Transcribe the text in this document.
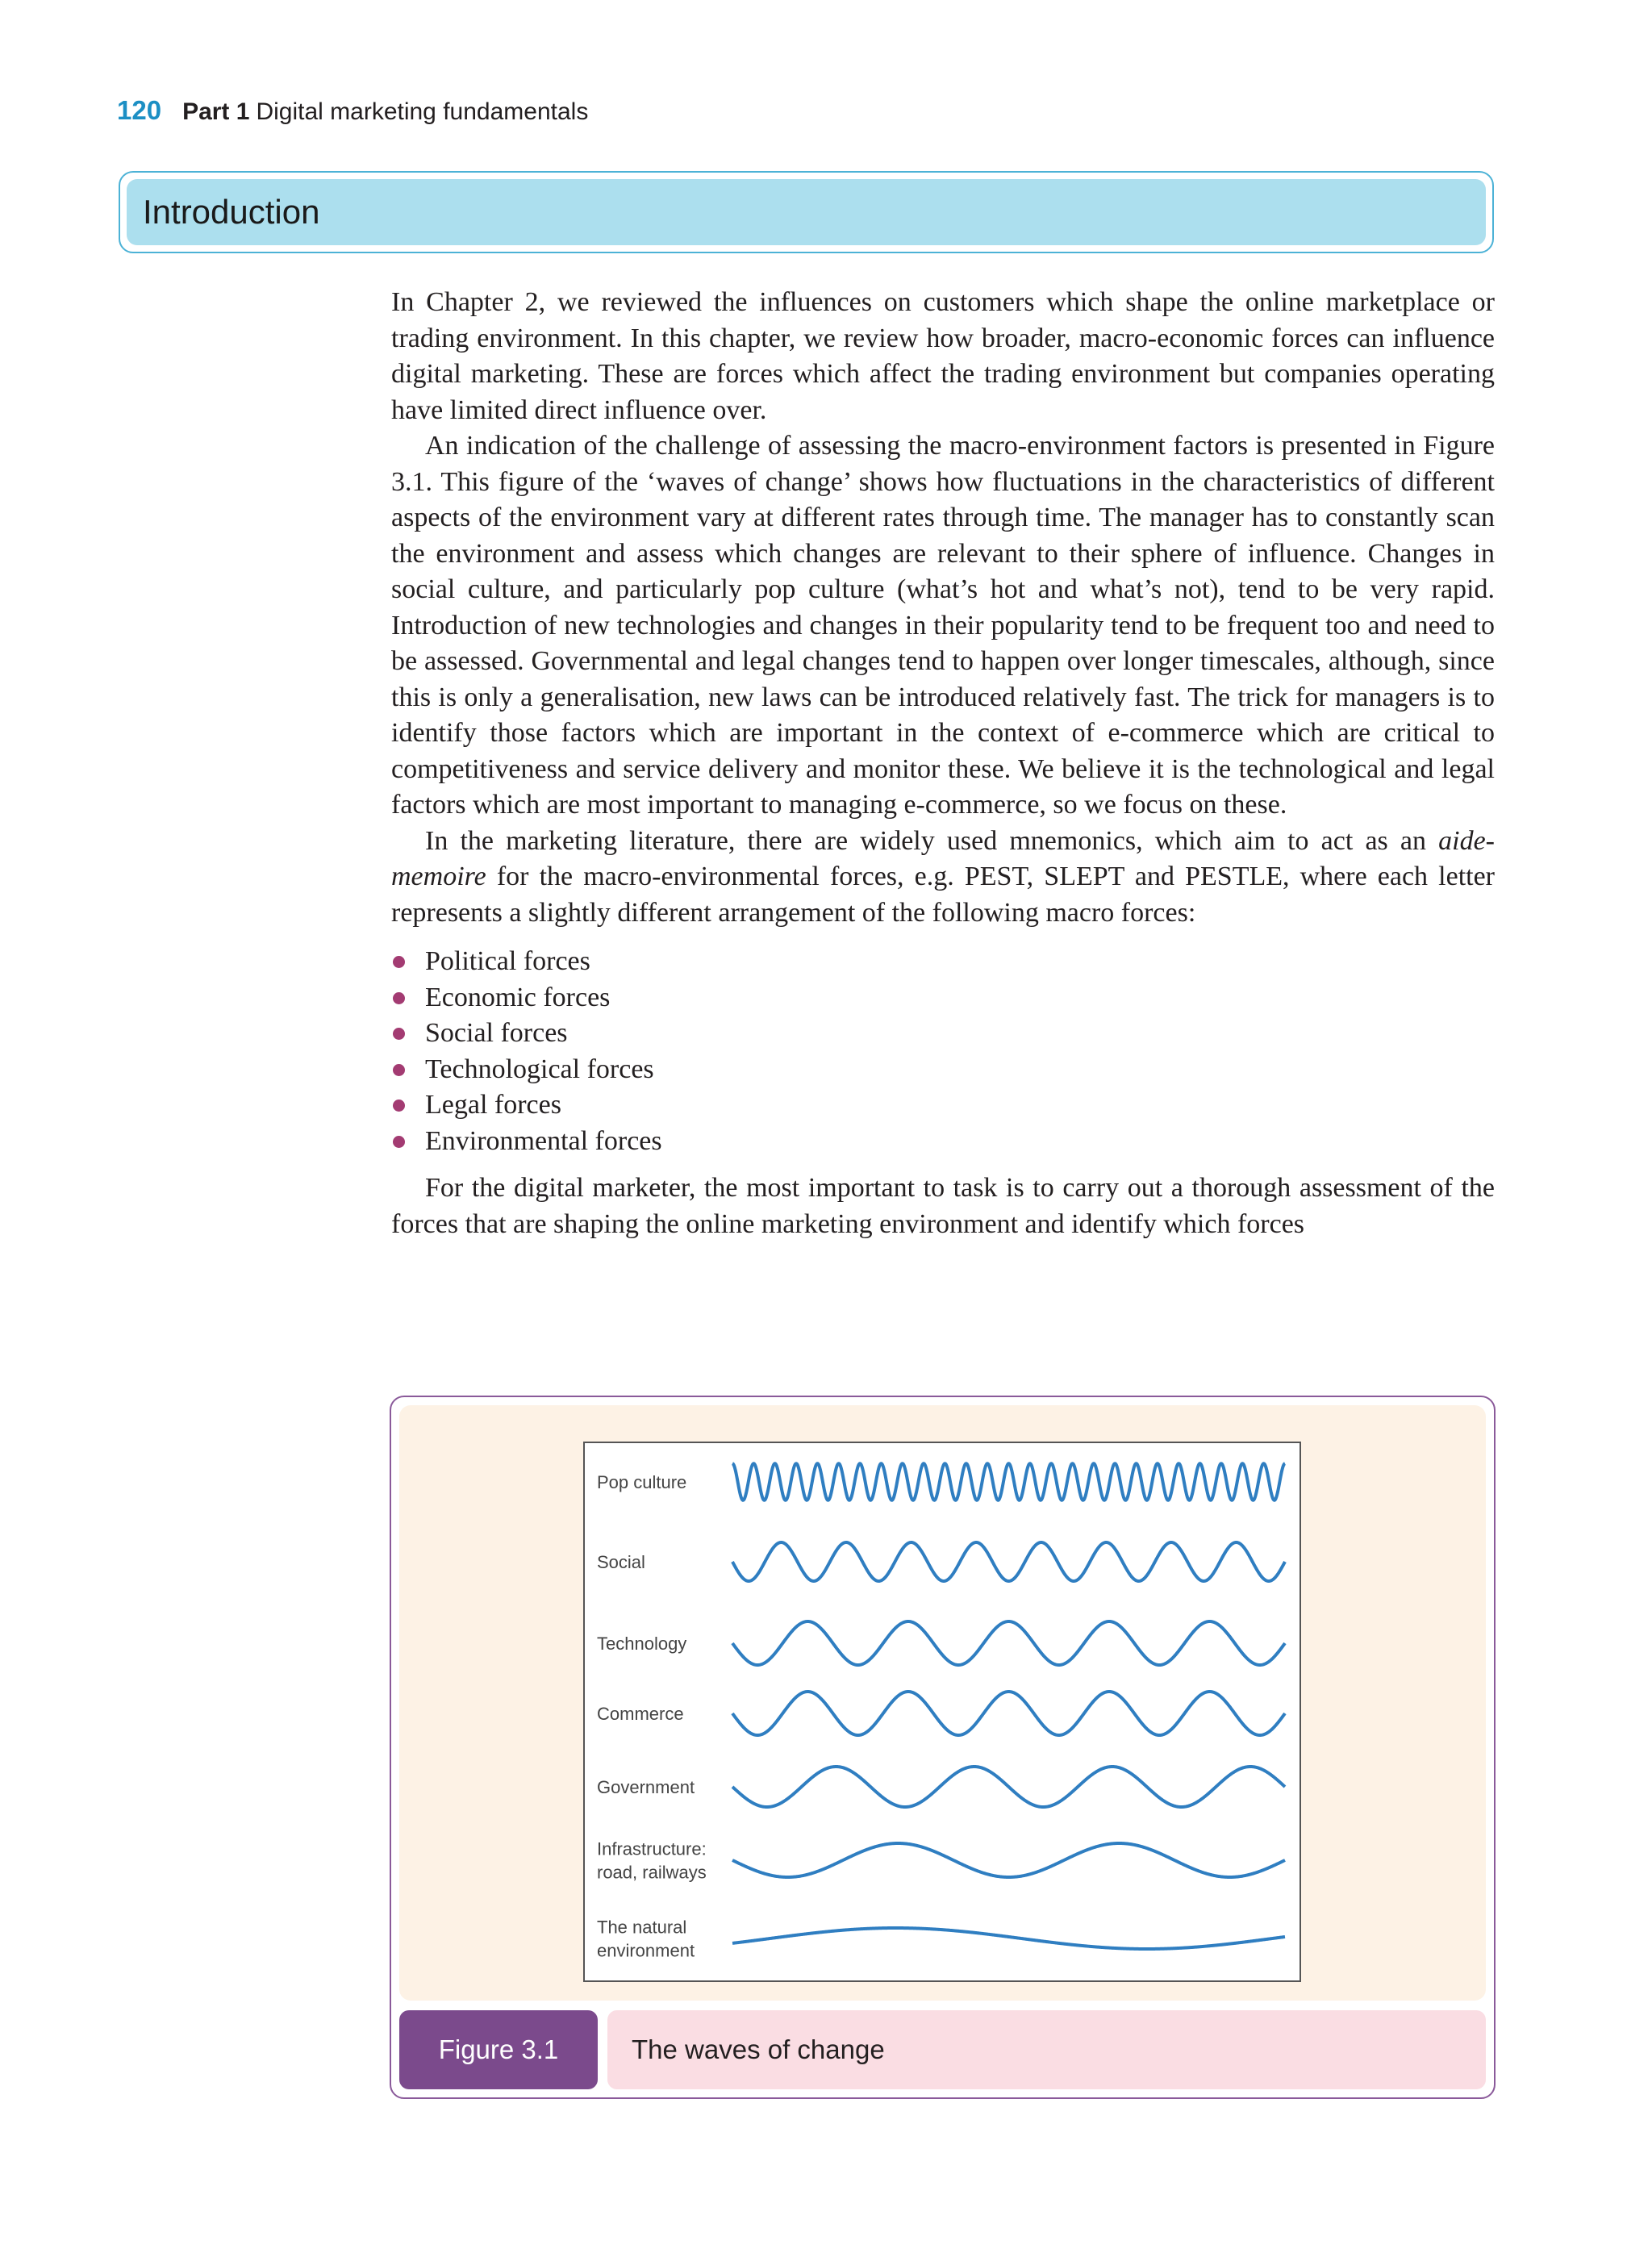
120 Part 1 Digital marketing fundamentals
Introduction

In Chapter 2, we reviewed the influences on customers which shape the online marketplace or trading environment. In this chapter, we review how broader, macro-economic forces can influence digital marketing. These are forces which affect the trading environment but companies operating have limited direct influence over.

An indication of the challenge of assessing the macro-environment factors is presented in Figure 3.1. This figure of the ‘waves of change’ shows how fluctuations in the characteristics of different aspects of the environment vary at different rates through time. The manager has to constantly scan the environment and assess which changes are relevant to their sphere of influence. Changes in social culture, and particularly pop culture (what’s hot and what’s not), tend to be very rapid. Introduction of new technologies and changes in their popularity tend to be frequent too and need to be assessed. Governmental and legal changes tend to happen over longer timescales, although, since this is only a generalisation, new laws can be introduced relatively fast. The trick for managers is to identify those factors which are important in the context of e-commerce which are critical to competitiveness and service delivery and monitor these. We believe it is the technological and legal factors which are most important to managing e-commerce, so we focus on these.

In the marketing literature, there are widely used mnemonics, which aim to act as an aide-memoire for the macro-environmental forces, e.g. PEST, SLEPT and PESTLE, where each letter represents a slightly different arrangement of the following macro forces:

Political forces
Economic forces
Social forces
Technological forces
Legal forces
Environmental forces

For the digital marketer, the most important to task is to carry out a thorough assessment of the forces that are shaping the online marketing environment and identify which forces

Pop culture
Social
Technology
Commerce
Government
Infrastructure: road, railways
The natural environment
Figure 3.1	The waves of change
